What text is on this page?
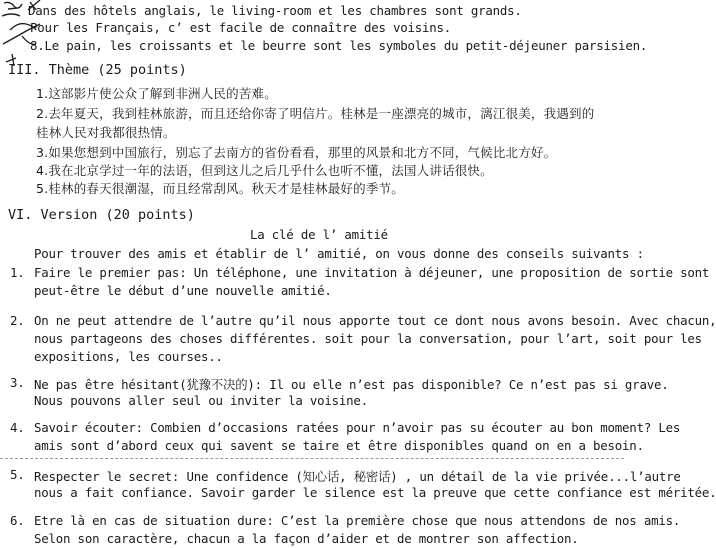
Dans des hôtels anglais, le living-room et les chambres sont grands.
Pour les Français, c’ est facile de connaître des voisins.
8.Le pain, les croissants et le beurre sont les symboles du petit-déjeuner parsisien.
III. Thème (25 points)
1.这部影片使公众了解到非洲人民的苦难。
2.去年夏天，我到桂林旅游，而且还给你寄了明信片。桂林是一座漂亮的城市，漓江很美，我遇到的
桂林人民对我都很热情。
3.如果您想到中国旅行，别忘了去南方的省份看看，那里的风景和北方不同，气候比北方好。
4.我在北京学过一年的法语，但到这儿之后几乎什么也听不懂，法国人讲话很快。
5.桂林的春天很潮湿，而且经常刮风。秋天才是桂林最好的季节。
VI. Version (20 points)
La clé de l’ amitié
Pour trouver des amis et établir de l’ amitié, on vous donne des conseils suivants :
1. Faire le premier pas: Un téléphone, une invitation à déjeuner, une proposition de sortie sont
peut-être le début d’une nouvelle amitié.
2. On ne peut attendre de l’autre qu’il nous apporte tout ce dont nous avons besoin. Avec chacun,
nous partageons des choses différentes. soit pour la conversation, pour l’art, soit pour les
expositions, les courses..
3. Ne pas être hésitant(犹豫不决的): Il ou elle n’est pas disponible? Ce n’est pas si grave.
Nous pouvons aller seul ou inviter la voisine.
4. Savoir écouter: Combien d’occasions ratées pour n’avoir pas su écouter au bon moment? Les
amis sont d’abord ceux qui savent se taire et être disponibles quand on en a besoin.
5. Respecter le secret: Une confidence (知心话, 秘密话) , un détail de la vie privée...l’autre
nous a fait confiance. Savoir garder le silence est la preuve que cette confiance est méritée.
6. Etre là en cas de situation dure: C’est la première chose que nous attendons de nos amis.
Selon son caractère, chacun a la façon d’aider et de montrer son affection.
